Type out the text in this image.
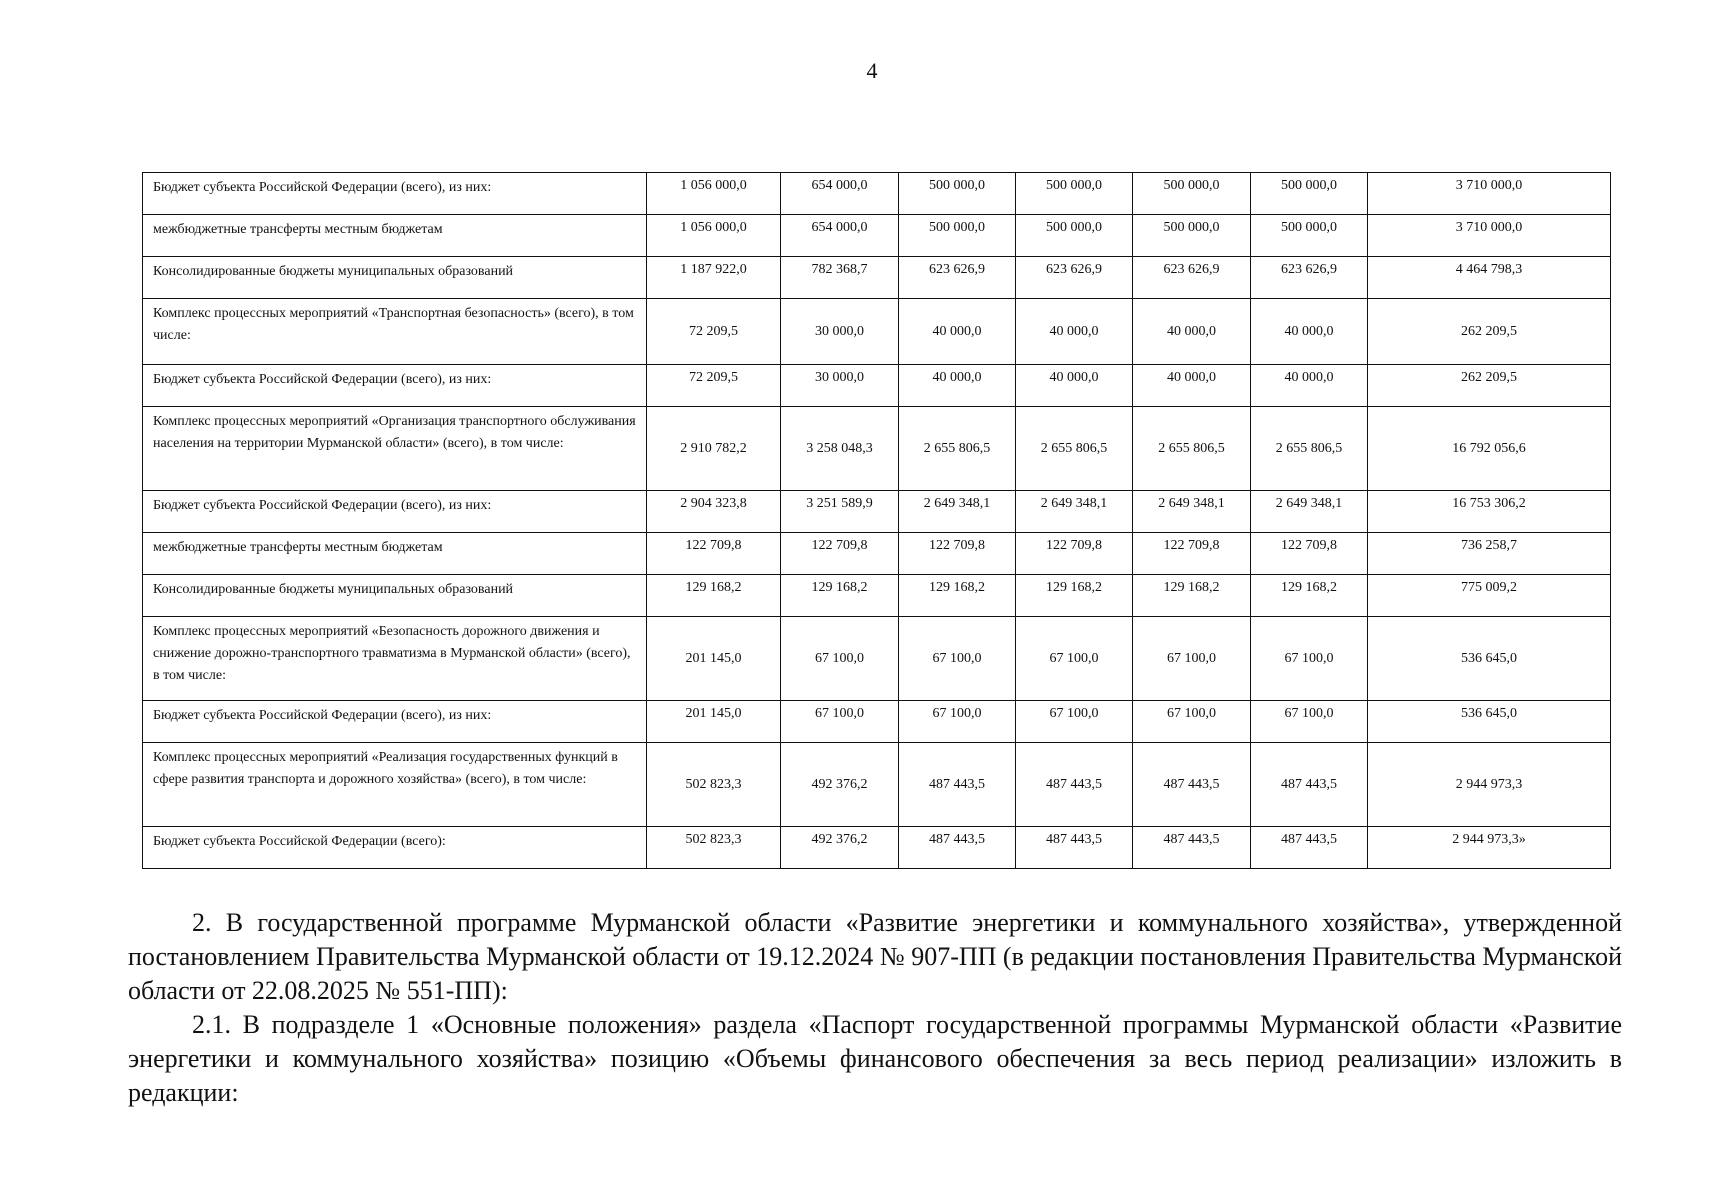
4
Бюджет субъекта Российской Федерации (всего), из них:	1 056 000,0	654 000,0	500 000,0	500 000,0	500 000,0	500 000,0	3 710 000,0
межбюджетные трансферты местным бюджетам	1 056 000,0	654 000,0	500 000,0	500 000,0	500 000,0	500 000,0	3 710 000,0
Консолидированные бюджеты муниципальных образований	1 187 922,0	782 368,7	623 626,9	623 626,9	623 626,9	623 626,9	4 464 798,3
Комплекс процессных мероприятий «Транспортная безопасность» (всего), в том числе:	72 209,5	30 000,0	40 000,0	40 000,0	40 000,0	40 000,0	262 209,5
Бюджет субъекта Российской Федерации (всего), из них:	72 209,5	30 000,0	40 000,0	40 000,0	40 000,0	40 000,0	262 209,5
Комплекс процессных мероприятий «Организация транспортного обслуживания населения на территории Мурманской области» (всего), в том числе:	2 910 782,2	3 258 048,3	2 655 806,5	2 655 806,5	2 655 806,5	2 655 806,5	16 792 056,6
Бюджет субъекта Российской Федерации (всего), из них:	2 904 323,8	3 251 589,9	2 649 348,1	2 649 348,1	2 649 348,1	2 649 348,1	16 753 306,2
межбюджетные трансферты местным бюджетам	122 709,8	122 709,8	122 709,8	122 709,8	122 709,8	122 709,8	736 258,7
Консолидированные бюджеты муниципальных образований	129 168,2	129 168,2	129 168,2	129 168,2	129 168,2	129 168,2	775 009,2
Комплекс процессных мероприятий «Безопасность дорожного движения и снижение дорожно-транспортного травматизма в Мурманской области» (всего), в том числе:	201 145,0	67 100,0	67 100,0	67 100,0	67 100,0	67 100,0	536 645,0
Бюджет субъекта Российской Федерации (всего), из них:	201 145,0	67 100,0	67 100,0	67 100,0	67 100,0	67 100,0	536 645,0
Комплекс процессных мероприятий «Реализация государственных функций в сфере развития транспорта и дорожного хозяйства» (всего), в том числе:	502 823,3	492 376,2	487 443,5	487 443,5	487 443,5	487 443,5	2 944 973,3
Бюджет субъекта Российской Федерации (всего):	502 823,3	492 376,2	487 443,5	487 443,5	487 443,5	487 443,5	2 944 973,3»

2. В государственной программе Мурманской области «Развитие энергетики и коммунального хозяйства», утвержденной постановлением Правительства Мурманской области от 19.12.2024 № 907-ПП (в редакции постановления Правительства Мурманской области от 22.08.2025 № 551-ПП):

2.1. В подразделе 1 «Основные положения» раздела «Паспорт государственной программы Мурманской области «Развитие энергетики и коммунального хозяйства» позицию «Объемы финансового обеспечения за весь период реализации» изложить в редакции:
